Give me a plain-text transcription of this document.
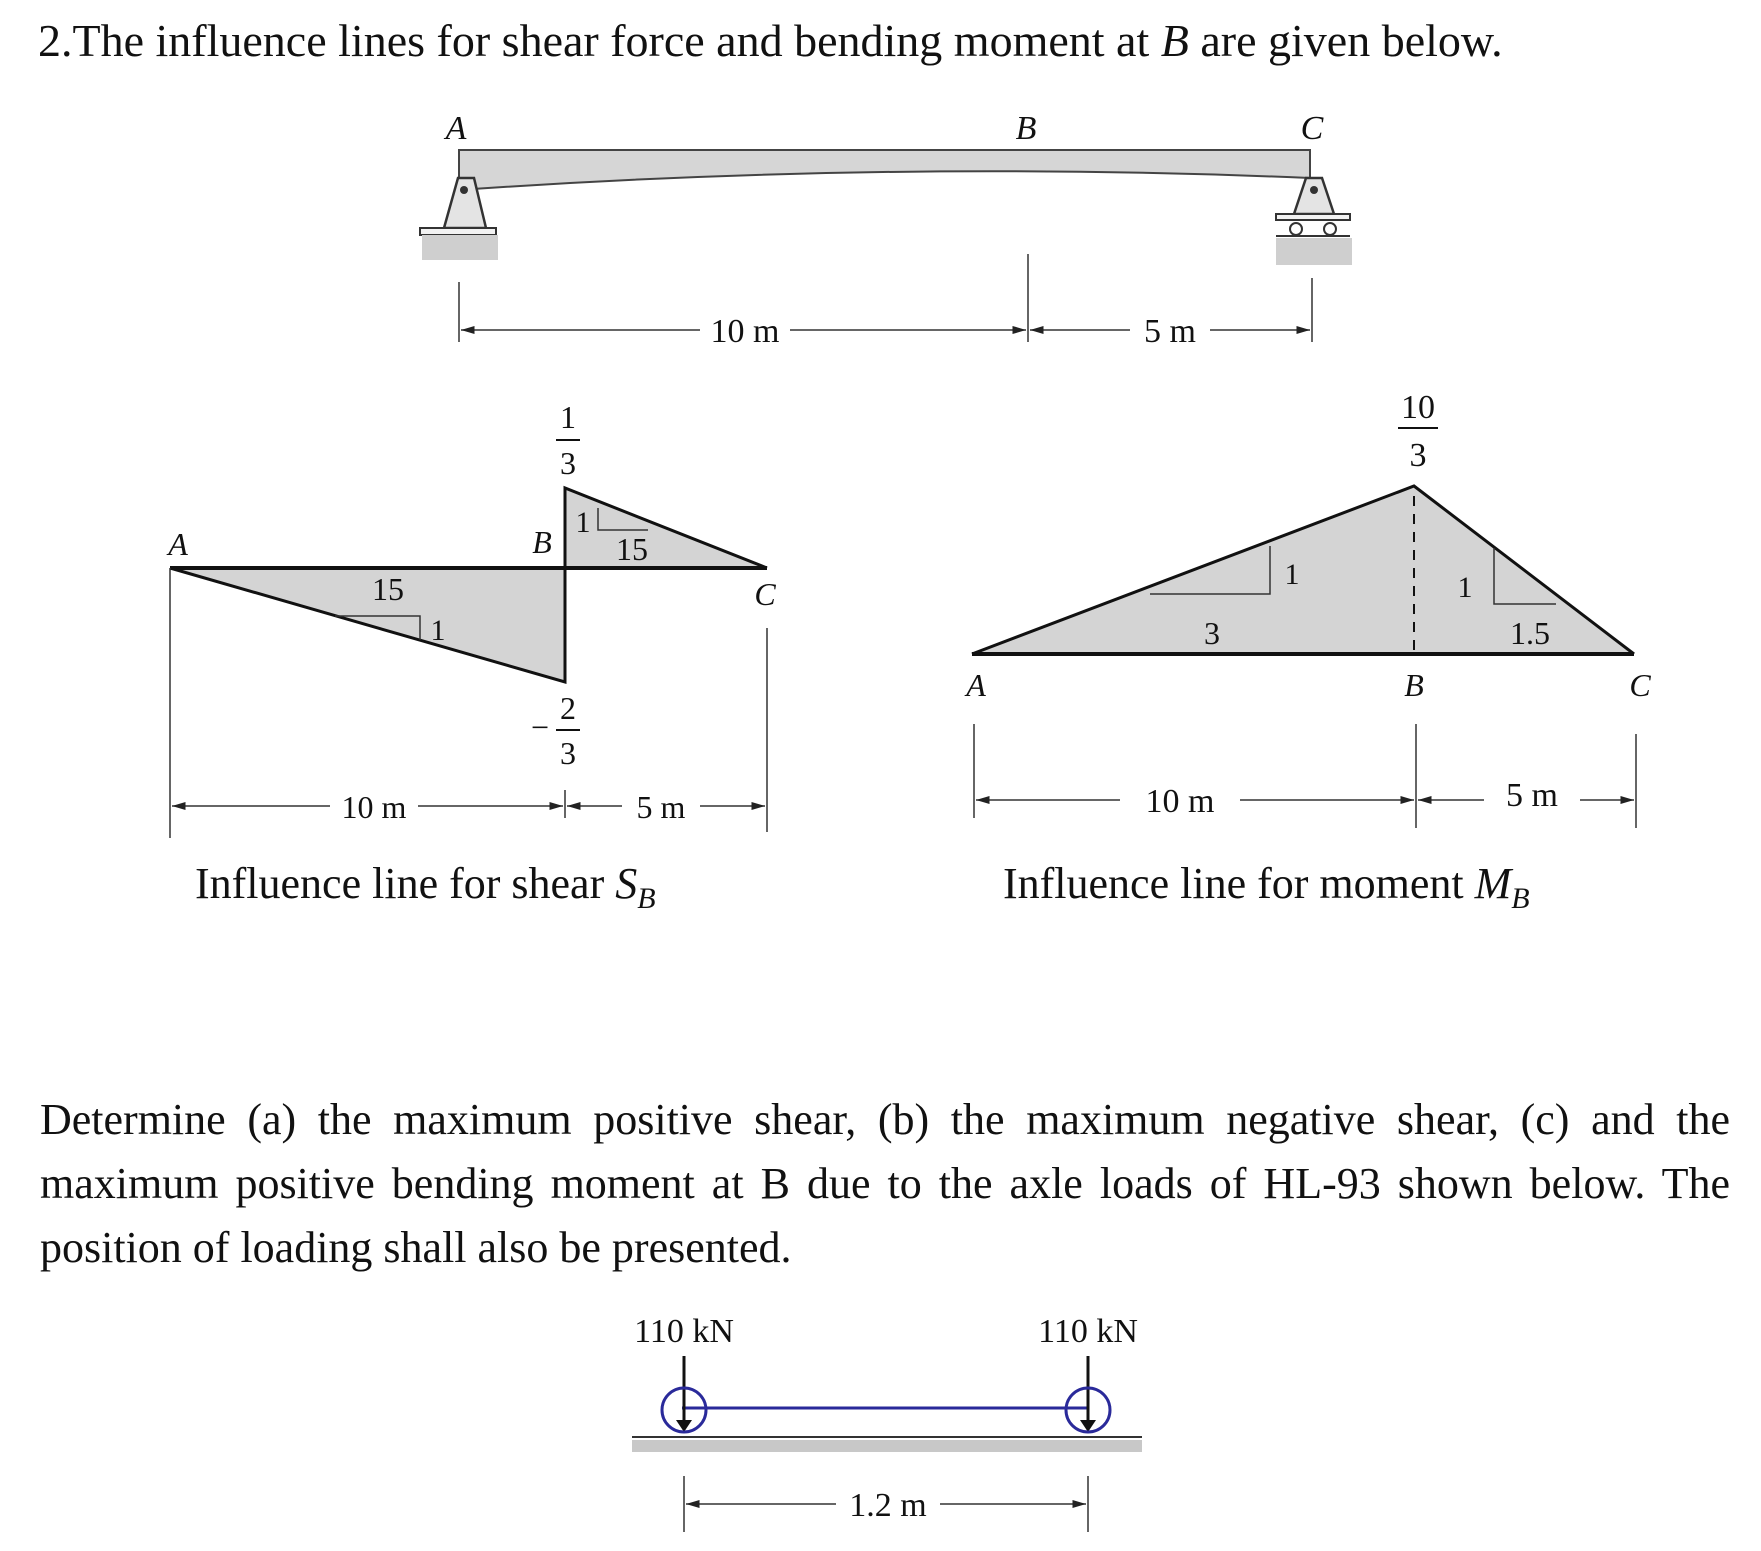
2.The influence lines for shear force and bending moment at B are given below.
A	B	C
10 m	5 m
15
1
1
15
1
3
−
2
3
A	B
C
10 m	5 m
Influence line for shear $S_B$
3
1	1
1.5
10
3
A	B	C
10 m	5 m
Influence line for moment $M_B$
110 kN	110 kN
1.2 m
Determine (a) the maximum positive shear, (b) the maximum negative shear, (c) and the maximum positive bending moment at B due to the axle loads of HL-93 shown below. The position of loading shall also be presented.
